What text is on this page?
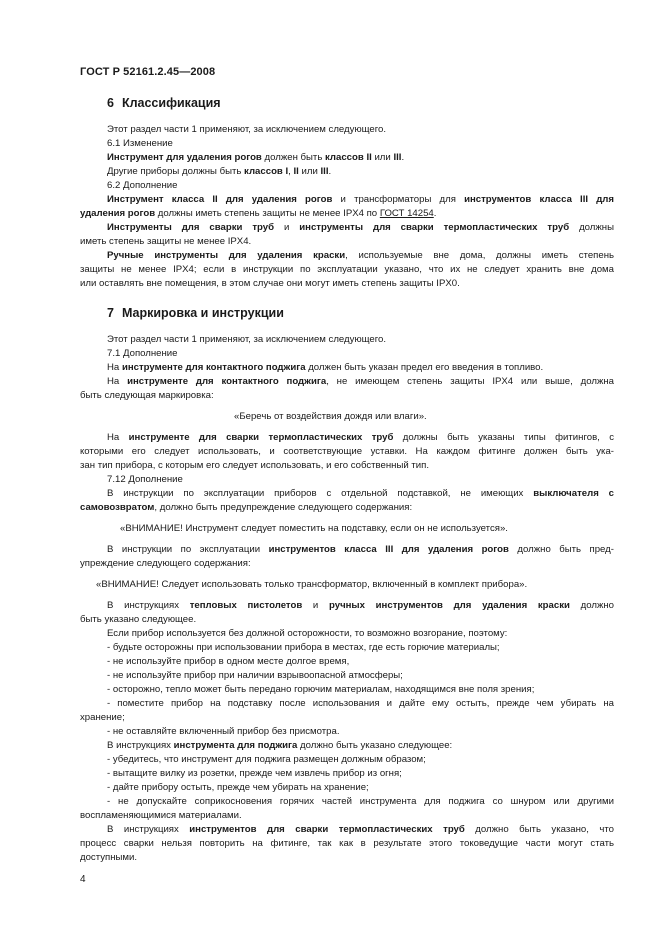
ГОСТ Р 52161.2.45—2008
6 Классификация
7 Маркировка и инструкции
Этот раздел части 1 применяют, за исключением следующего.
6.1 Изменение
Инструмент для удаления рогов должен быть классов II или III.
Другие приборы должны быть классов I, II или III.
6.2 Дополнение
Инструмент класса II для удаления рогов и трансформаторы для инструментов класса III для
удаления рогов должны иметь степень защиты не менее IPX4 по ГОСТ 14254.
Инструменты для сварки труб и инструменты для сварки термопластических труб должны
иметь степень защиты не менее IPX4.
Ручные инструменты для удаления краски, используемые вне дома, должны иметь степень
защиты не менее IPX4; если в инструкции по эксплуатации указано, что их не следует хранить вне дома
или оставлять вне помещения, в этом случае они могут иметь степень защиты IPX0.
Этот раздел части 1 применяют, за исключением следующего.
7.1 Дополнение
На инструменте для контактного поджига должен быть указан предел его введения в топливо.
На инструменте для контактного поджига, не имеющем степень защиты IPX4 или выше, должна
быть следующая маркировка:
«Беречь от воздействия дождя или влаги».
На инструменте для сварки термопластических труб должны быть указаны типы фитингов, с
которыми его следует использовать, и соответствующие уставки. На каждом фитинге должен быть ука-
зан тип прибора, с которым его следует использовать, и его собственный тип.
7.12 Дополнение
В инструкции по эксплуатации приборов с отдельной подставкой, не имеющих выключателя с
самовозвратом, должно быть предупреждение следующего содержания:
«ВНИМАНИЕ! Инструмент следует поместить на подставку, если он не используется».
В инструкции по эксплуатации инструментов класса III для удаления рогов должно быть пред-
упреждение следующего содержания:
«ВНИМАНИЕ! Следует использовать только трансформатор, включенный в комплект прибора».
В инструкциях тепловых пистолетов и ручных инструментов для удаления краски должно
быть указано следующее.
Если прибор используется без должной осторожности, то возможно возгорание, поэтому:
- будьте осторожны при использовании прибора в местах, где есть горючие материалы;
- не используйте прибор в одном месте долгое время,
- не используйте прибор при наличии взрывоопасной атмосферы;
- осторожно, тепло может быть передано горючим материалам, находящимся вне поля зрения;
- поместите прибор на подставку после использования и дайте ему остыть, прежде чем убирать на
хранение;
- не оставляйте включенный прибор без присмотра.
В инструкциях инструмента для поджига должно быть указано следующее:
- убедитесь, что инструмент для поджига размещен должным образом;
- вытащите вилку из розетки, прежде чем извлечь прибор из огня;
- дайте прибору остыть, прежде чем убирать на хранение;
- не допускайте соприкосновения горячих частей инструмента для поджига со шнуром или другими
воспламеняющимися материалами.
В инструкциях инструментов для сварки термопластических труб должно быть указано, что
процесс сварки нельзя повторить на фитинге, так как в результате этого токоведущие части могут стать
доступными.
4
